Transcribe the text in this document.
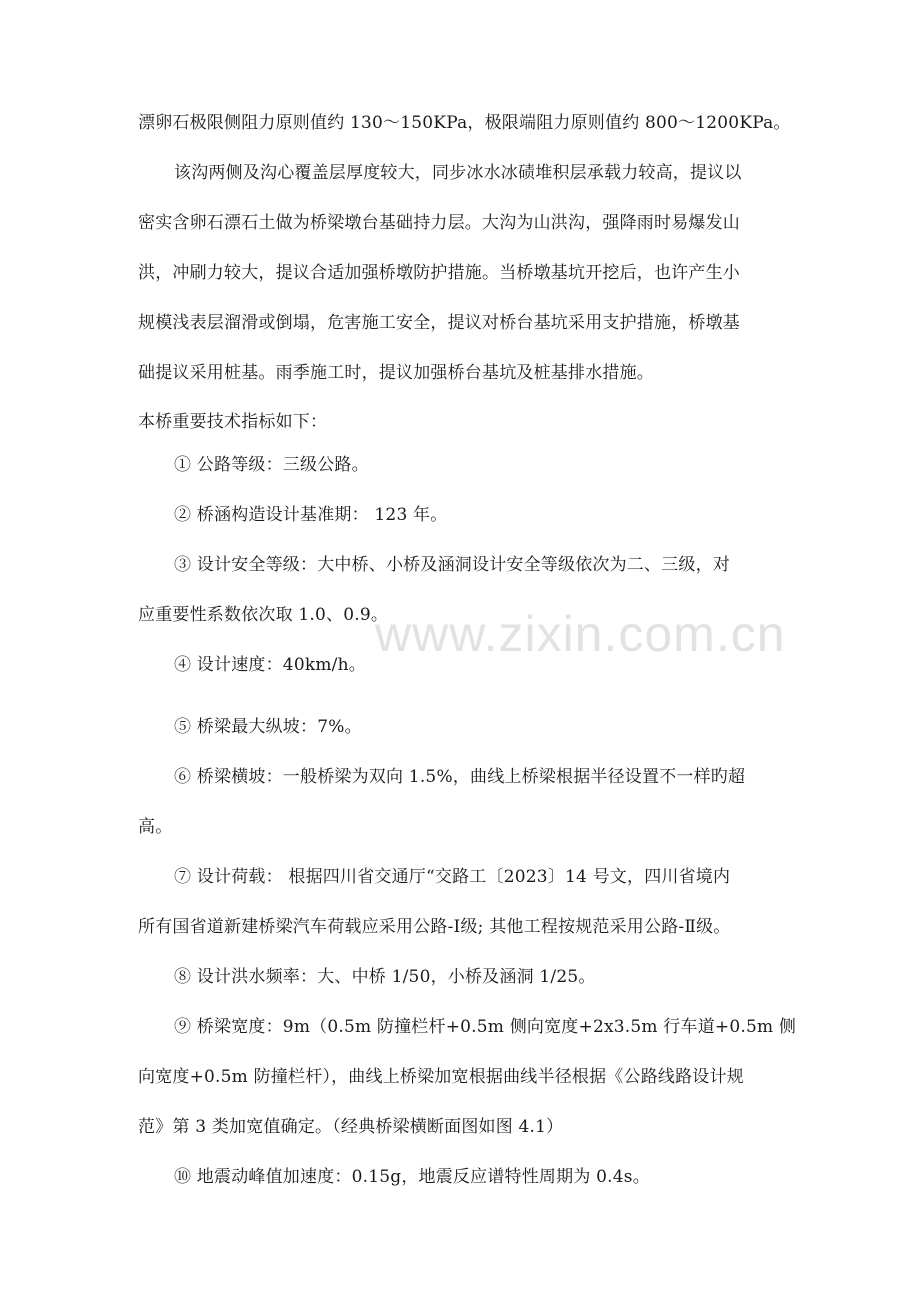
www.zixin.com.cn
漂卵石极限侧阻力原则值约 130～150KPa，极限端阻力原则值约 800～1200KPa。
该沟两侧及沟心覆盖层厚度较大，同步冰水冰碛堆积层承载力较高，提议以
密实含卵石漂石土做为桥梁墩台基础持力层。大沟为山洪沟，强降雨时易爆发山
洪，冲刷力较大，提议合适加强桥墩防护措施。当桥墩基坑开挖后，也许产生小
规模浅表层溜滑或倒塌，危害施工安全，提议对桥台基坑采用支护措施，桥墩基
础提议采用桩基。雨季施工时，提议加强桥台基坑及桩基排水措施。
本桥重要技术指标如下：
① 公路等级：三级公路。
② 桥涵构造设计基准期： 123 年。
③ 设计安全等级：大中桥、小桥及涵洞设计安全等级依次为二、三级，对
应重要性系数依次取 1.0、0.9。
④ 设计速度：40km/h。
⑤ 桥梁最大纵坡：7%。
⑥ 桥梁横坡：一般桥梁为双向 1.5%，曲线上桥梁根据半径设置不一样旳超
高。
⑦ 设计荷载： 根据四川省交通厅“交路工〔2023〕14 号文，四川省境内
所有国省道新建桥梁汽车荷载应采用公路-Ⅰ级; 其他工程按规范采用公路-Ⅱ级。
⑧ 设计洪水频率：大、中桥 1/50，小桥及涵洞 1/25。
⑨ 桥梁宽度：9m（0.5m 防撞栏杆+0.5m 侧向宽度+2x3.5m 行车道+0.5m 侧
向宽度+0.5m 防撞栏杆），曲线上桥梁加宽根据曲线半径根据《公路线路设计规
范》第 3 类加宽值确定。（经典桥梁横断面图如图 4.1）
⑩ 地震动峰值加速度：0.15g，地震反应谱特性周期为 0.4s。
